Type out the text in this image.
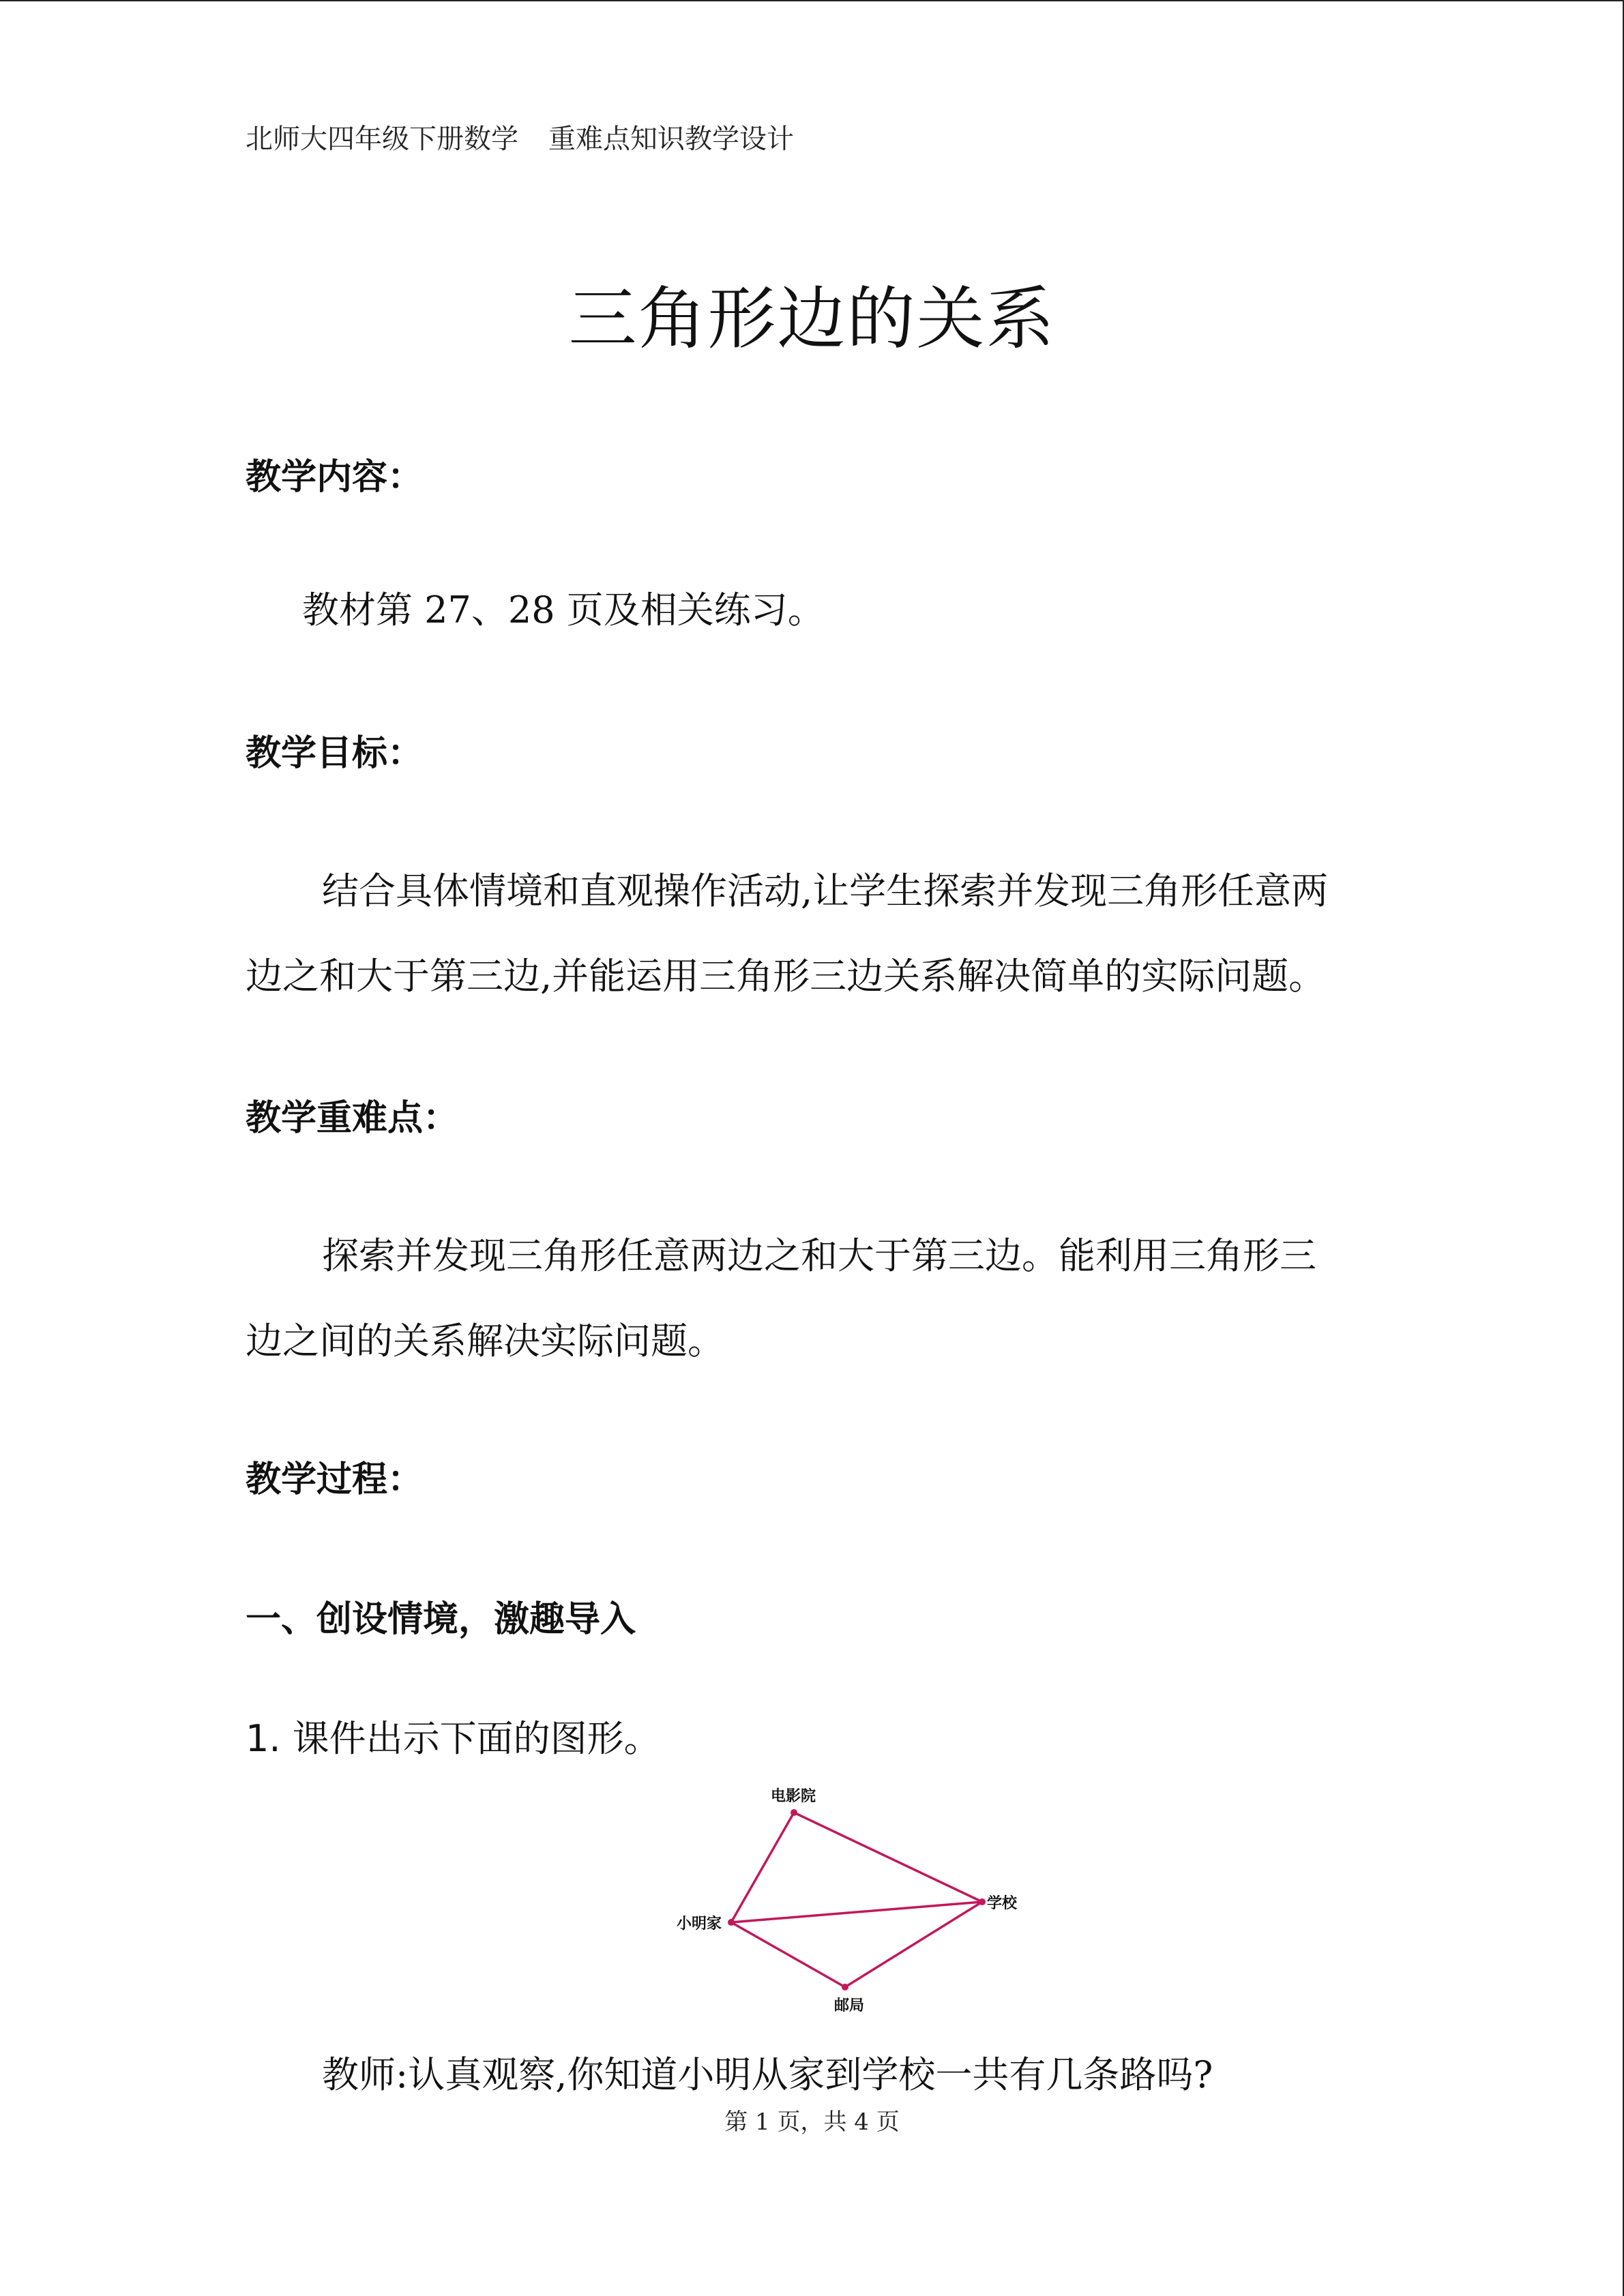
北师大四年级下册数学 重难点知识教学设计
三角形边的关系
教学内容：
教材第 27、28 页及相关练习。
教学目标：
结合具体情境和直观操作活动,让学生探索并发现三角形任意两
边之和大于第三边,并能运用三角形三边关系解决简单的实际问题。
教学重难点：
探索并发现三角形任意两边之和大于第三边。能利用三角形三
边之间的关系解决实际问题。
教学过程：
一、创设情境，激趣导入
1. 课件出示下面的图形。
电影院
学校
小明家
邮局
教师:认真观察,你知道小明从家到学校一共有几条路吗?
第 1 页，共 4 页
